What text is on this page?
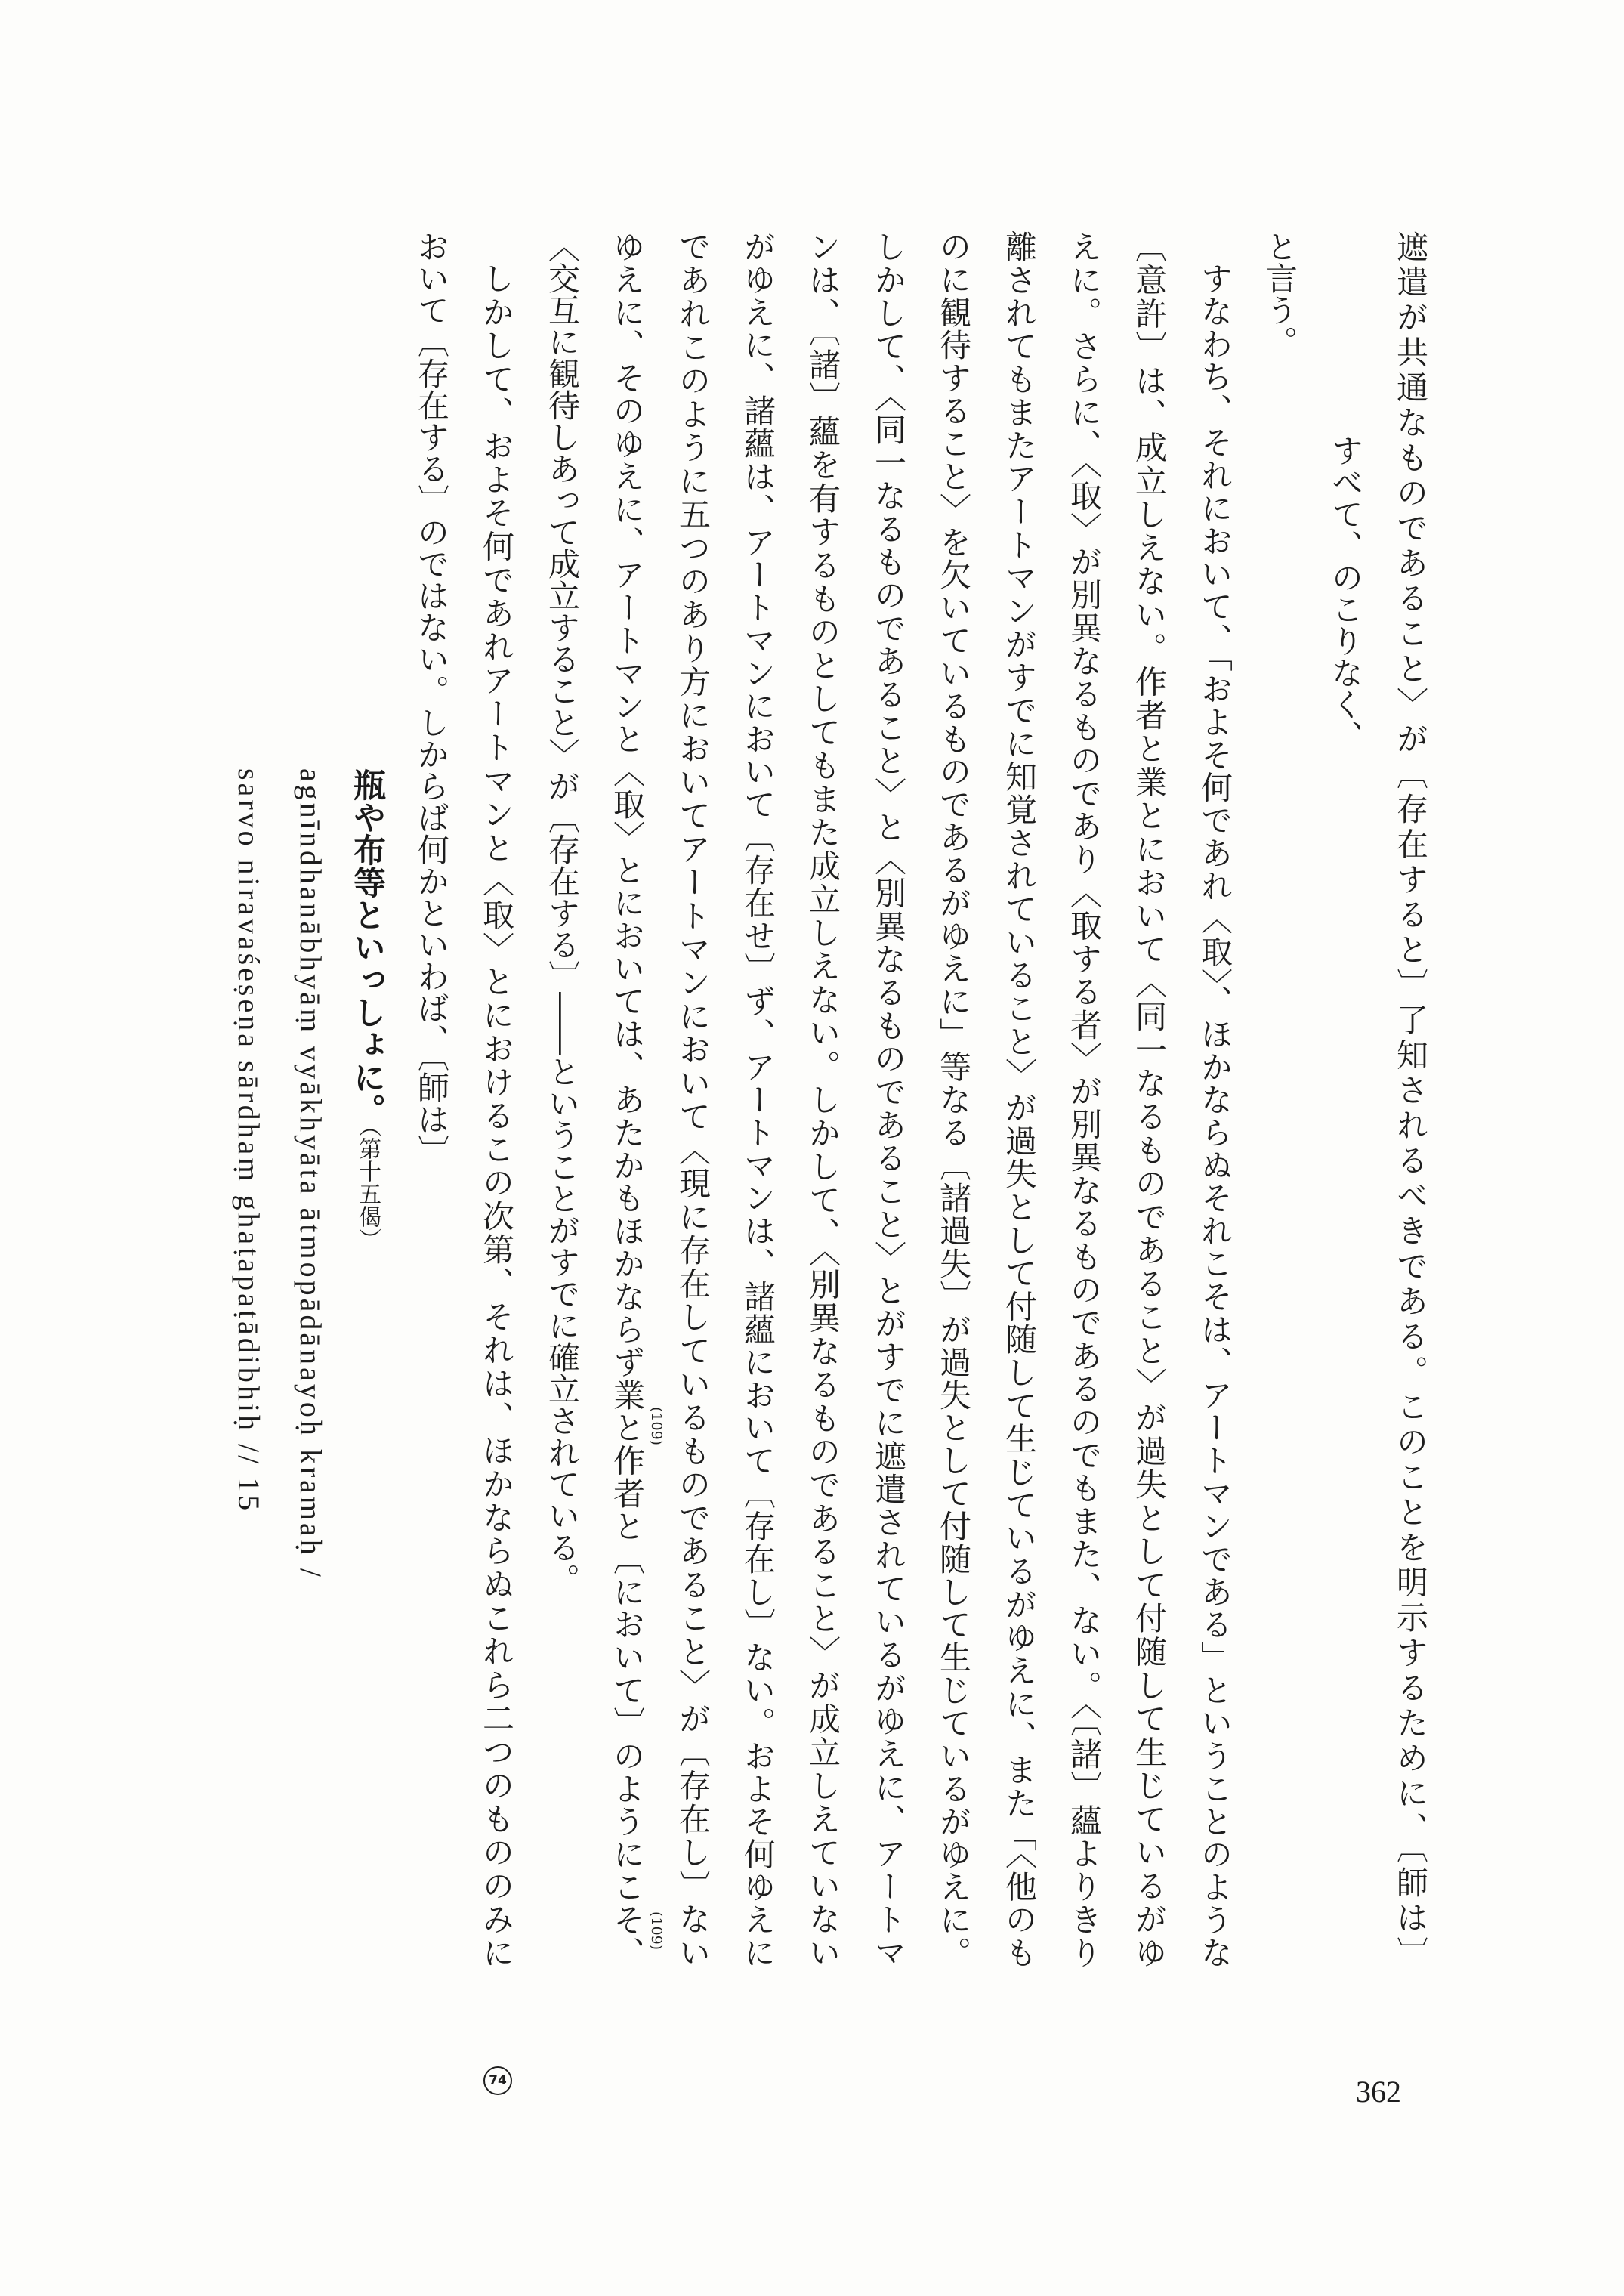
遮遣が共通なものであること〉が〔存在すると〕了知されるべきである。このことを明示するために、〔師は〕
すべて、のこりなく、
と言う。
すなわち、それにおいて、「およそ何であれ〈取〉、ほかならぬそれこそは、アートマンである」ということのような
〔意許〕は、成立しえない。作者と業とにおいて〈同一なるものであること〉が過失として付随して生じているがゆ
えに。さらに、〈取〉が別異なるものであり〈取する者〉が別異なるものであるのでもまた、ない。〈〔諸〕蘊よりきり
離されてもまたアートマンがすでに知覚されていること〉が過失として付随して生じているがゆえに、また「〈他のも
のに観待すること〉を欠いているものであるがゆえに」等なる〔諸過失〕が過失として付随して生じているがゆえに。
しかして、〈同一なるものであること〉と〈別異なるものであること〉とがすでに遮遣されているがゆえに、アートマ
ンは、〔諸〕蘊を有するものとしてもまた成立しえない。しかして、〈別異なるものであること〉が成立しえていない
がゆえに、諸蘊は、アートマンにおいて〔存在せ〕ず、アートマンは、諸蘊において〔存在し〕ない。およそ何ゆえに
であれこのように五つのあり方においてアートマンにおいて〈現に存在しているものであること〉が〔存在し〕ない
ゆえに、そのゆえに、アートマンと〈取〉とにおいては、あたかもほかならず業と作者と〔において〕のようにこそ、 (109)
(109)
〈交互に観待しあって成立すること〉が〔存在する〕――ということがすでに確立されている。
しかして、およそ何であれアートマンと〈取〉とにおけるこの次第、それは、ほかならぬこれら二つのもののみに
おいて〔存在する〕のではない。しからば何かといわば、〔師は〕
瓶や布等といっしょに。（第十五偈）
agnīndhanābhyāṃ vyākhyāta ātmopādānayoḥ kramaḥ /
sarvo niravaśeṣeṇa sārdhaṃ ghaṭapaṭādibhiḥ // 15
74	362
